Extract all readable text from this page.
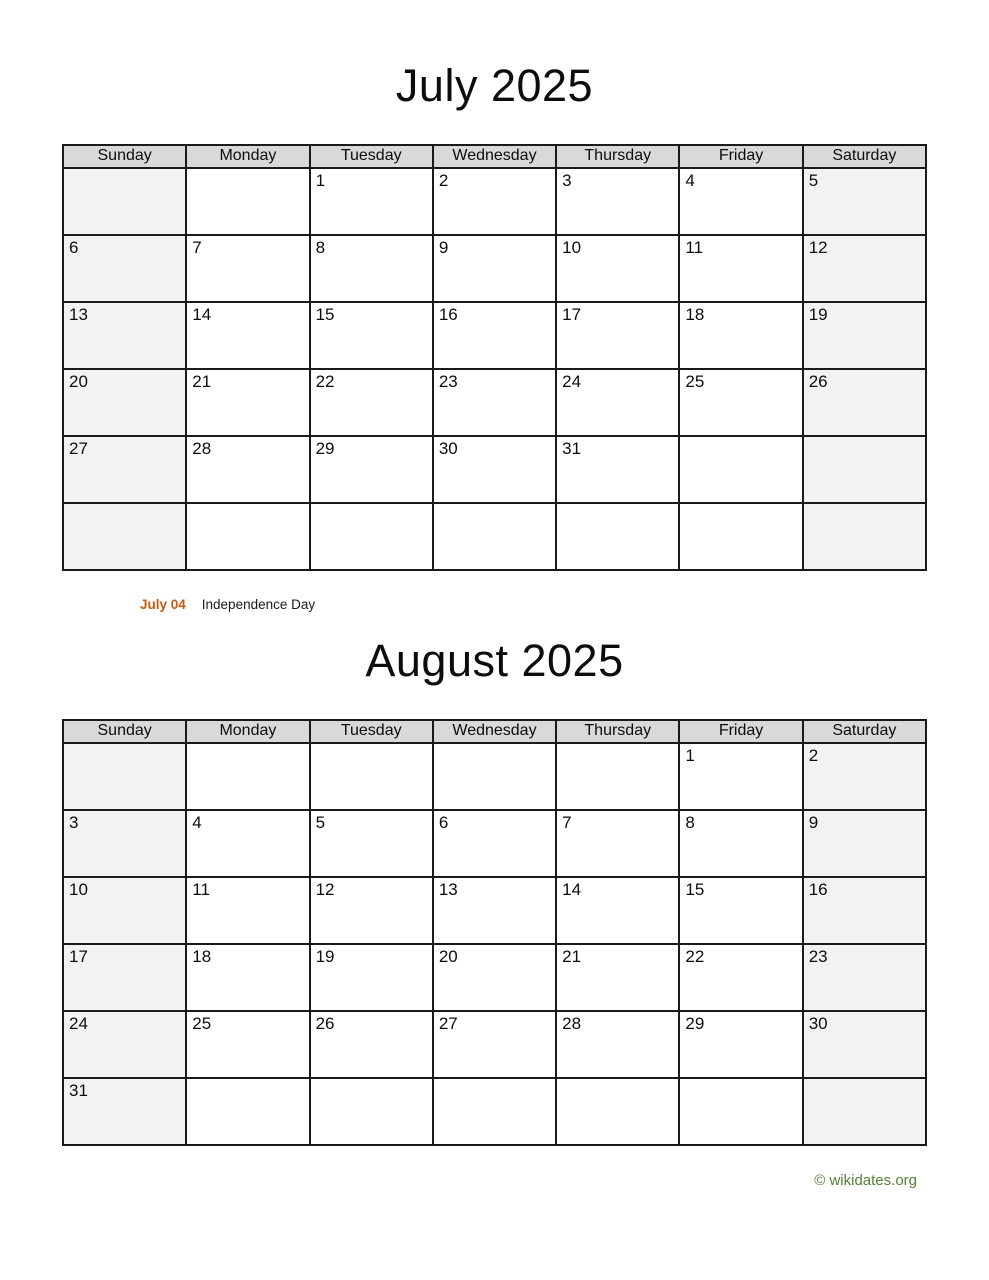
July 2025
Sunday	Monday	Tuesday	Wednesday	Thursday	Friday	Saturday
		1	2	3	4	5
6	7	8	9	10	11	12
13	14	15	16	17	18	19
20	21	22	23	24	25	26
27	28	29	30	31		

July 04 Independence Day
August 2025
Sunday	Monday	Tuesday	Wednesday	Thursday	Friday	Saturday
					1	2
3	4	5	6	7	8	9
10	11	12	13	14	15	16
17	18	19	20	21	22	23
24	25	26	27	28	29	30
31						
© wikidates.org
